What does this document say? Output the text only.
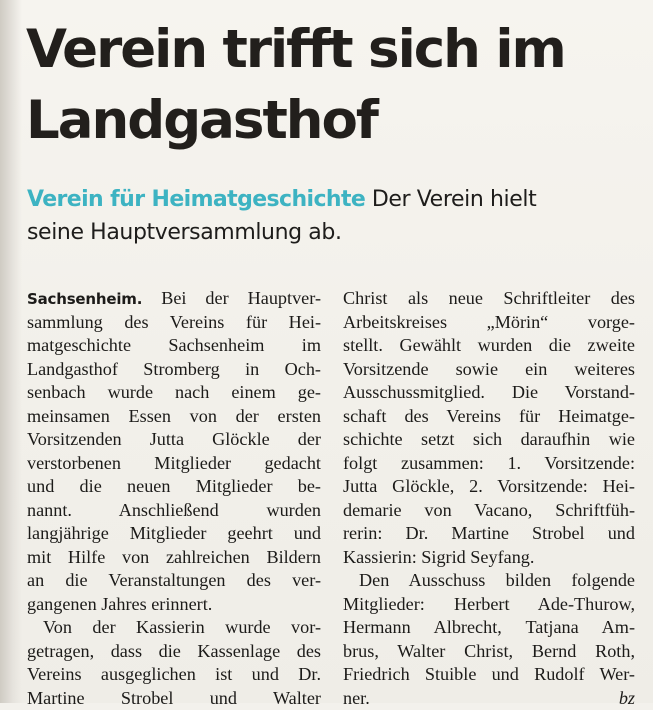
Verein trifft sich im
Landgasthof

Verein für Heimatgeschichte Der Verein hielt
seine Hauptversammlung ab.

Sachsenheim. Bei der Hauptver-
sammlung des Vereins für Hei-
matgeschichte Sachsenheim im
Landgasthof Stromberg in Och-
senbach wurde nach einem ge-
meinsamen Essen von der ersten
Vorsitzenden Jutta Glöckle der
verstorbenen Mitglieder gedacht
und die neuen Mitglieder be-
nannt. Anschließend wurden
langjährige Mitglieder geehrt und
mit Hilfe von zahlreichen Bildern
an die Veranstaltungen des ver-
gangenen Jahres erinnert.
Von der Kassierin wurde vor-
getragen, dass die Kassenlage des
Vereins ausgeglichen ist und Dr.
Martine Strobel und Walter
Christ als neue Schriftleiter des
Arbeitskreises „Mörin“ vorge-
stellt. Gewählt wurden die zweite
Vorsitzende sowie ein weiteres
Ausschussmitglied. Die Vorstand-
schaft des Vereins für Heimatge-
schichte setzt sich daraufhin wie
folgt zusammen: 1. Vorsitzende:
Jutta Glöckle, 2. Vorsitzende: Hei-
demarie von Vacano, Schriftfüh-
rerin: Dr. Martine Strobel und
Kassierin: Sigrid Seyfang.
Den Ausschuss bilden folgende
Mitglieder: Herbert Ade-Thurow,
Hermann Albrecht, Tatjana Am-
brus, Walter Christ, Bernd Roth,
Friedrich Stuible und Rudolf Wer-
ner.	bz
